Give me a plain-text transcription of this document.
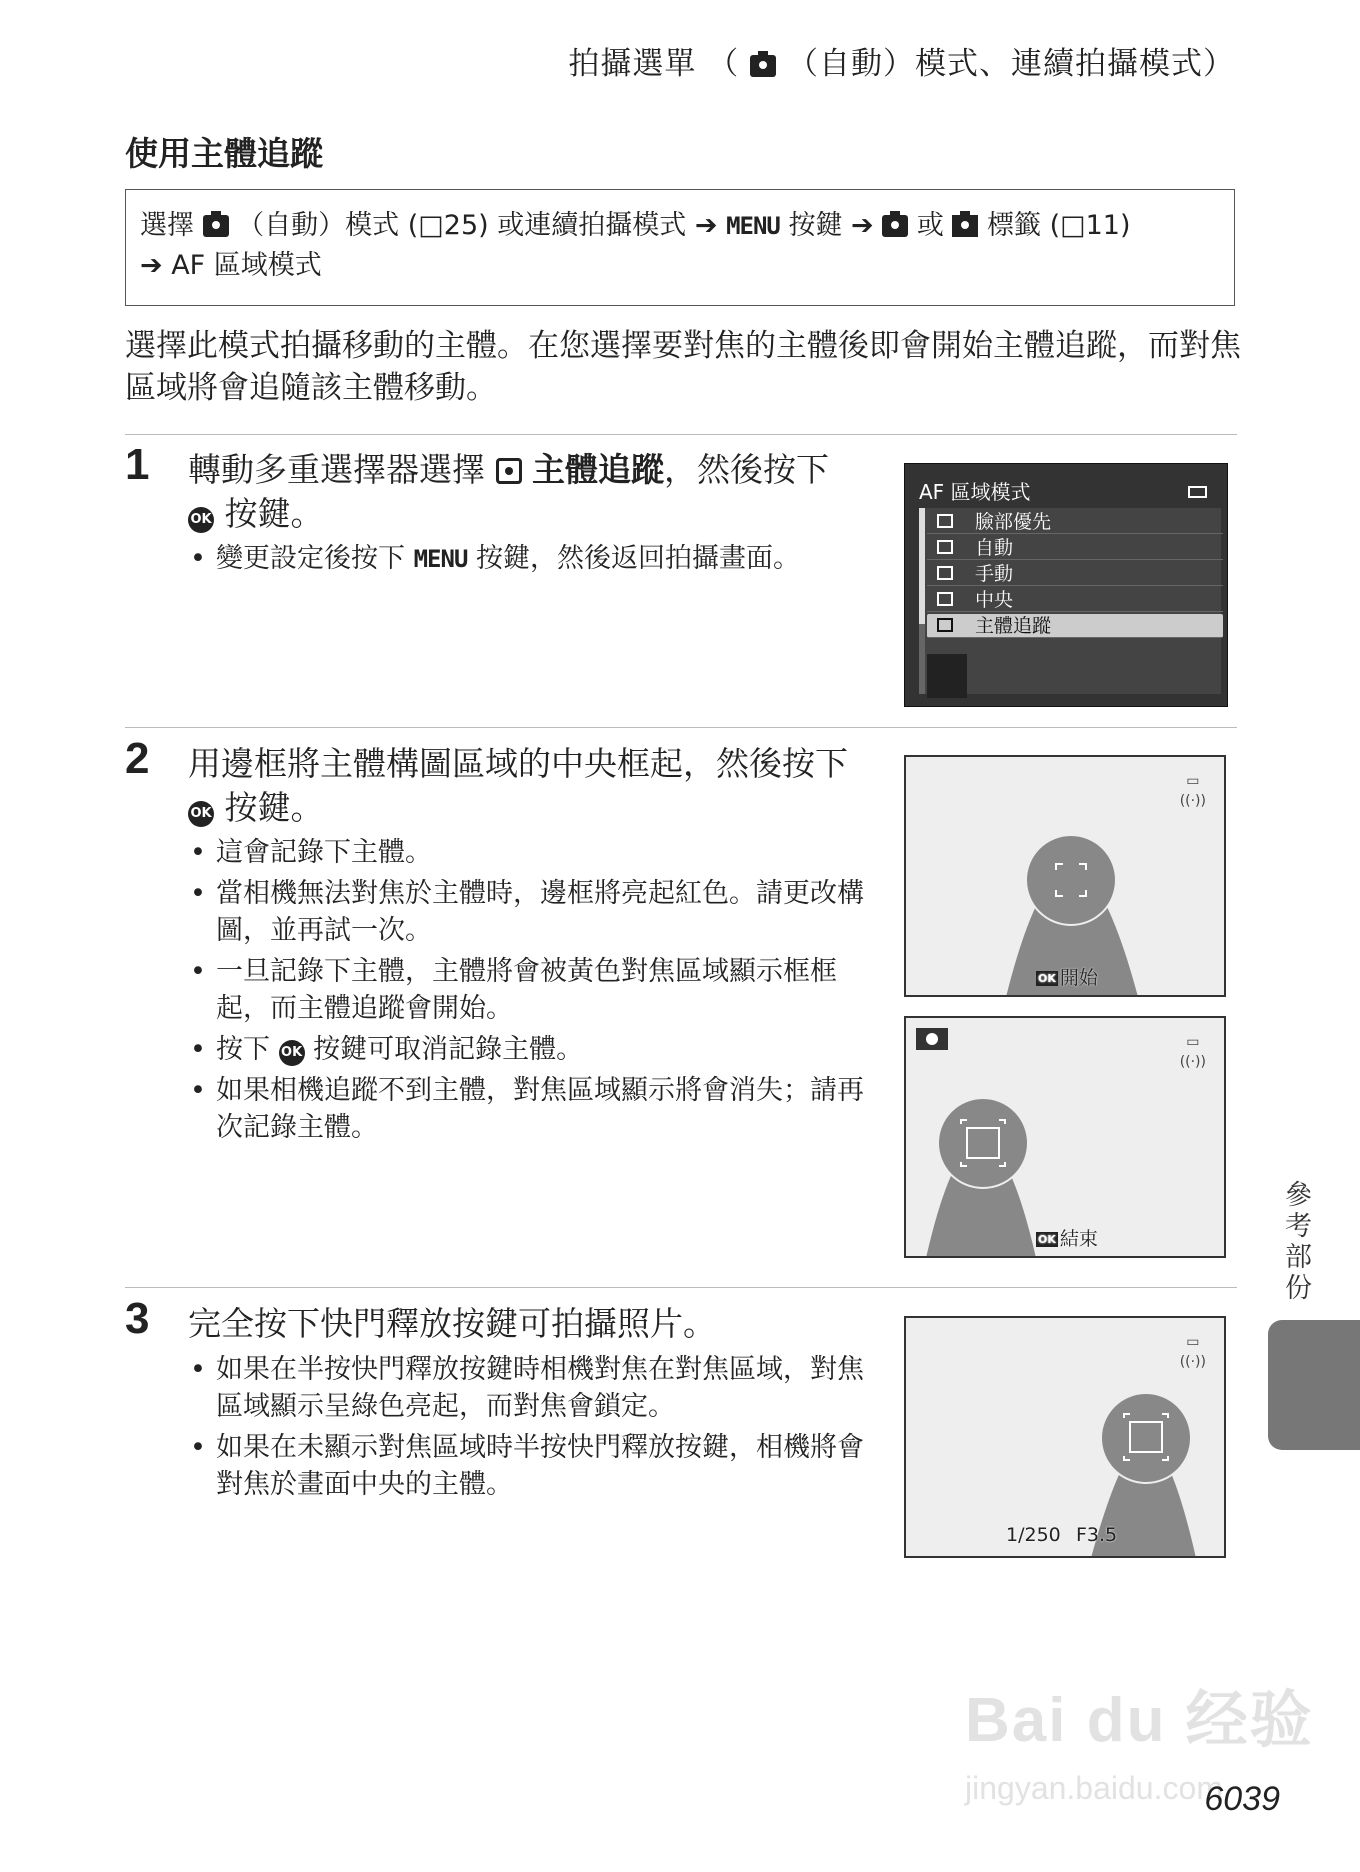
拍攝選單 （  （自動）模式、連續拍攝模式）
使用主體追蹤
選擇  （自動）模式 (□25) 或連續拍攝模式 ➔ MENU 按鍵 ➔  或  標籤 (□11)
➔ AF 區域模式
選擇此模式拍攝移動的主體。在您選擇要對焦的主體後即會開始主體追蹤，而對焦區域將會追隨該主體移動。
1 轉動多重選擇器選擇  主體追蹤，然後按下
OK 按鍵。
• 變更設定後按下 MENU 按鍵，然後返回拍攝畫面。
AF 區域模式
臉部優先
自動
手動
中央
主體追蹤
2 用邊框將主體構圖區域的中央框起，然後按下 OK 按鍵。
• 這會記錄下主體。
• 當相機無法對焦於主體時，邊框將亮起紅色。請更改構圖，並再試一次。
• 一旦記錄下主體，主體將會被黃色對焦區域顯示框框起，而主體追蹤會開始。
• 按下 OK 按鍵可取消記錄主體。
• 如果相機追蹤不到主體，對焦區域顯示將會消失；請再次記錄主體。
▭
((·))
OK 開始
▭
((·))
OK 結束
3 完全按下快門釋放按鍵可拍攝照片。
• 如果在半按快門釋放按鍵時相機對焦在對焦區域，對焦區域顯示呈綠色亮起，而對焦會鎖定。
• 如果在未顯示對焦區域時半按快門釋放按鍵，相機將會對焦於畫面中央的主體。
▭
((·))
1/250 F3.5
參考部份
Bai du 经验
jingyan.baidu.com
6039
